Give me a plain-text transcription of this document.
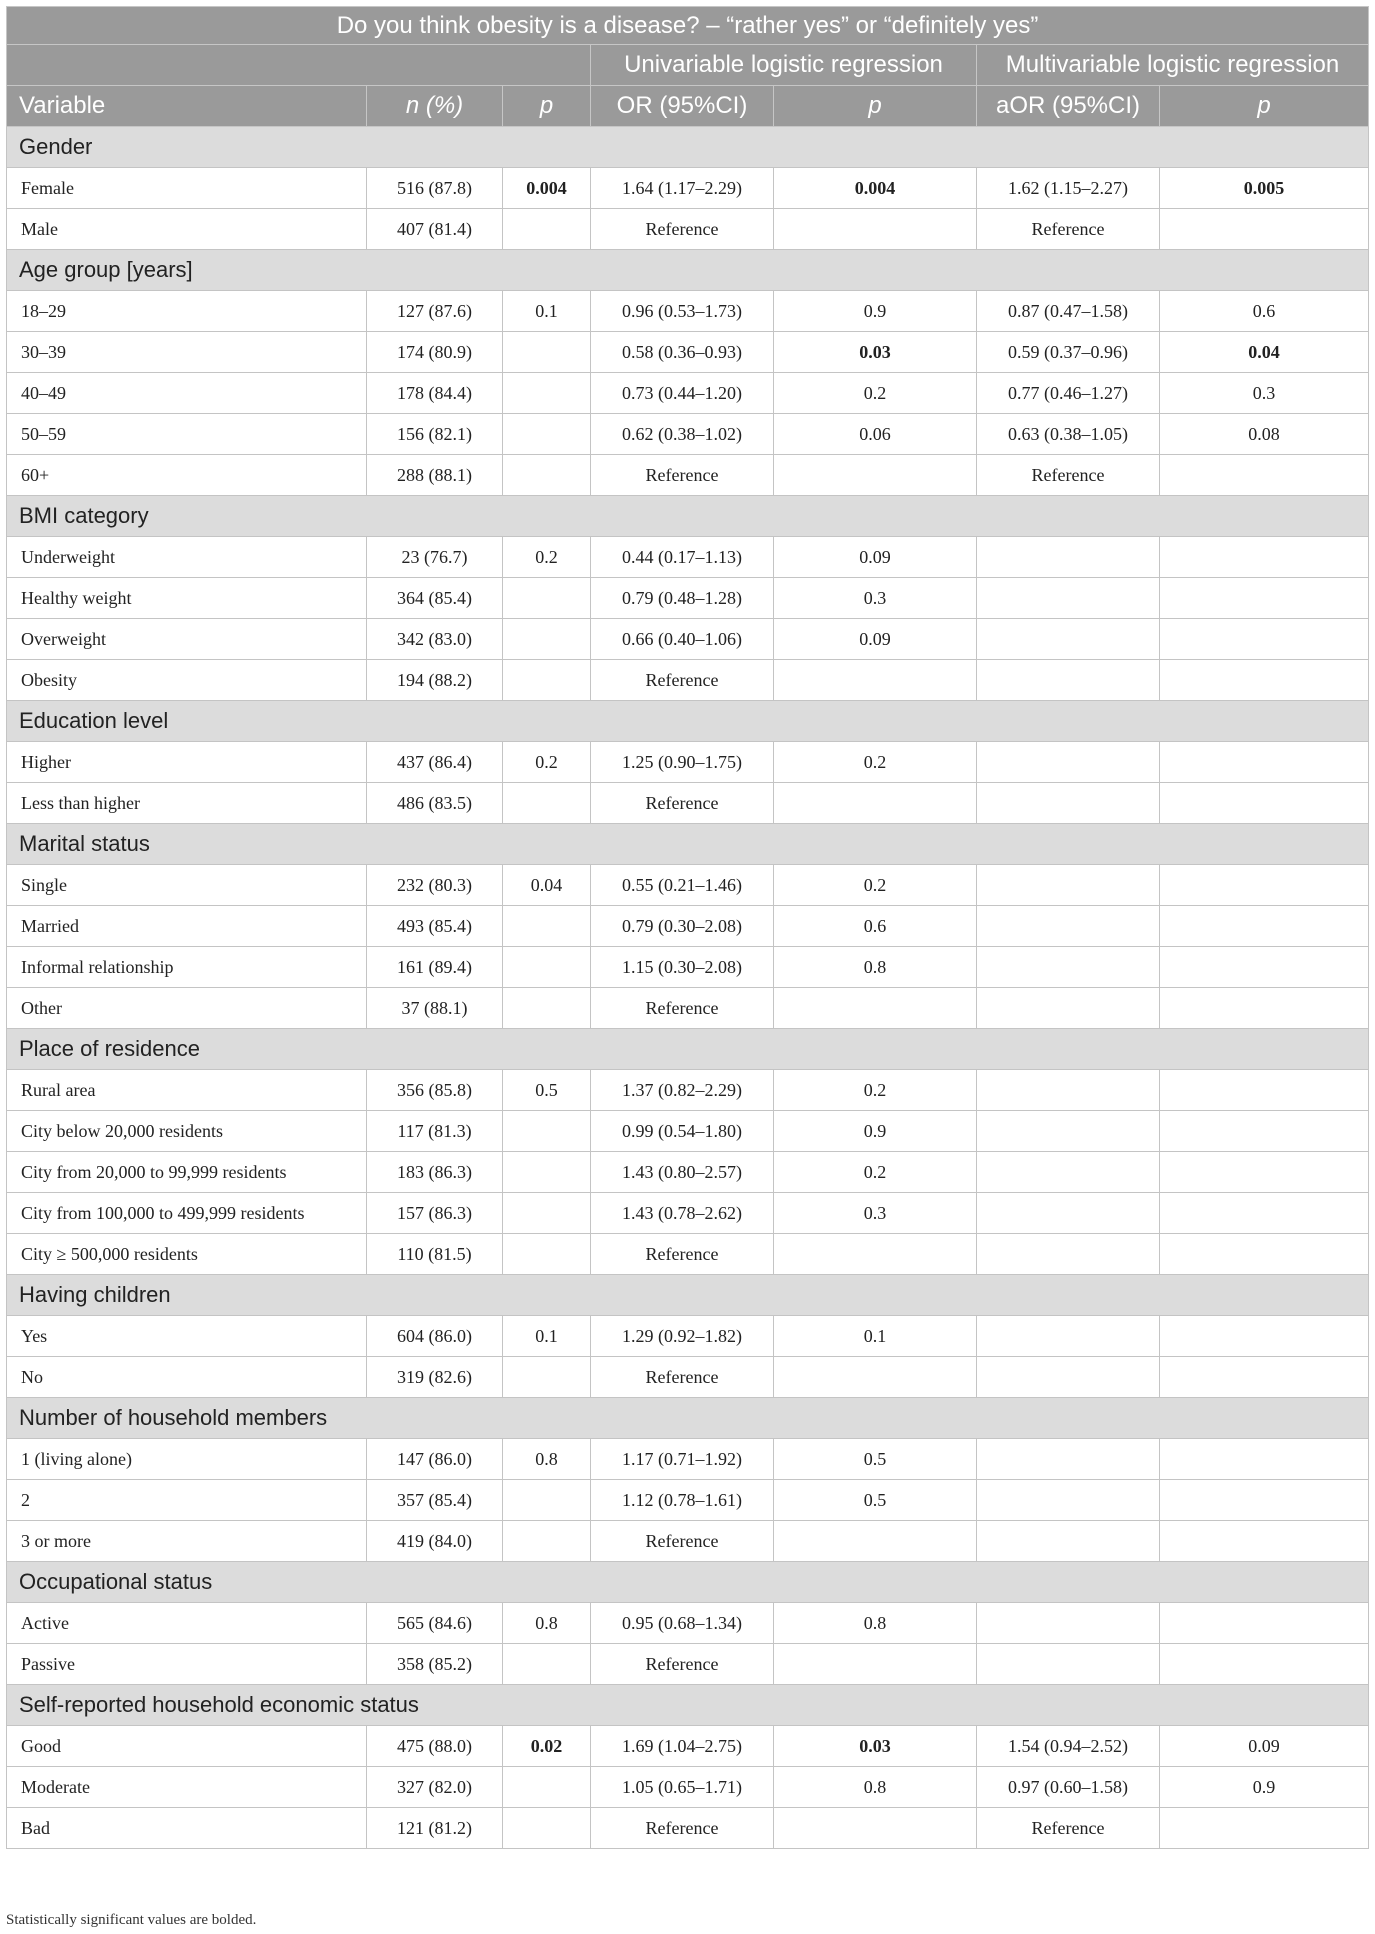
Do you think obesity is a disease? – “rather yes” or “definitely yes”						
			Univariable logistic regression		Multivariable logistic regression	
Variable	n (%)	p	OR (95%CI)	p	aOR (95%CI)	p
Gender						
Female	516 (87.8)	0.004	1.64 (1.17–2.29)	0.004	1.62 (1.15–2.27)	0.005
Male	407 (81.4)		Reference		Reference	
Age group [years]						
18–29	127 (87.6)	0.1	0.96 (0.53–1.73)	0.9	0.87 (0.47–1.58)	0.6
30–39	174 (80.9)		0.58 (0.36–0.93)	0.03	0.59 (0.37–0.96)	0.04
40–49	178 (84.4)		0.73 (0.44–1.20)	0.2	0.77 (0.46–1.27)	0.3
50–59	156 (82.1)		0.62 (0.38–1.02)	0.06	0.63 (0.38–1.05)	0.08
60+	288 (88.1)		Reference		Reference	
BMI category						
Underweight	23 (76.7)	0.2	0.44 (0.17–1.13)	0.09		
Healthy weight	364 (85.4)		0.79 (0.48–1.28)	0.3		
Overweight	342 (83.0)		0.66 (0.40–1.06)	0.09		
Obesity	194 (88.2)		Reference			
Education level						
Higher	437 (86.4)	0.2	1.25 (0.90–1.75)	0.2		
Less than higher	486 (83.5)		Reference			
Marital status						
Single	232 (80.3)	0.04	0.55 (0.21–1.46)	0.2		
Married	493 (85.4)		0.79 (0.30–2.08)	0.6		
Informal relationship	161 (89.4)		1.15 (0.30–2.08)	0.8		
Other	37 (88.1)		Reference			
Place of residence						
Rural area	356 (85.8)	0.5	1.37 (0.82–2.29)	0.2		
City below 20,000 residents	117 (81.3)		0.99 (0.54–1.80)	0.9		
City from 20,000 to 99,999 residents	183 (86.3)		1.43 (0.80–2.57)	0.2		
City from 100,000 to 499,999 residents	157 (86.3)		1.43 (0.78–2.62)	0.3		
City ≥ 500,000 residents	110 (81.5)		Reference			
Having children						
Yes	604 (86.0)	0.1	1.29 (0.92–1.82)	0.1		
No	319 (82.6)		Reference			
Number of household members						
1 (living alone)	147 (86.0)	0.8	1.17 (0.71–1.92)	0.5		
2	357 (85.4)		1.12 (0.78–1.61)	0.5		
3 or more	419 (84.0)		Reference			
Occupational status						
Active	565 (84.6)	0.8	0.95 (0.68–1.34)	0.8		
Passive	358 (85.2)		Reference			
Self-reported household economic status						
Good	475 (88.0)	0.02	1.69 (1.04–2.75)	0.03	1.54 (0.94–2.52)	0.09
Moderate	327 (82.0)		1.05 (0.65–1.71)	0.8	0.97 (0.60–1.58)	0.9
Bad	121 (81.2)		Reference		Reference	
Statistically significant values are bolded.
